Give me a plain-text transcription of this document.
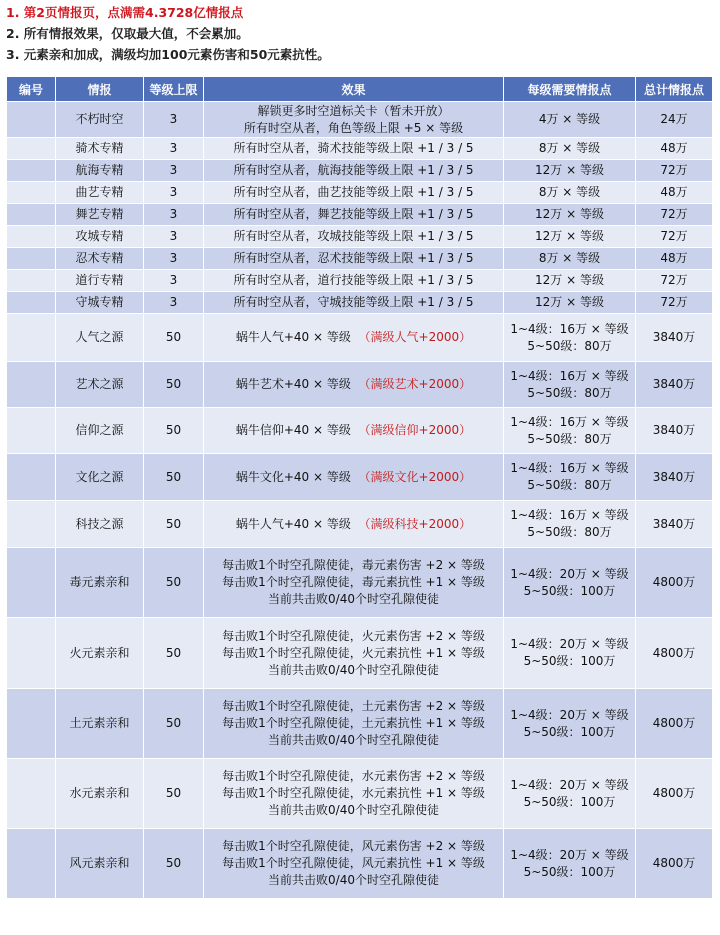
1. 第2页情报页，点满需4.3728亿情报点
2. 所有情报效果，仅取最大值，不会累加。
3. 元素亲和加成，满级均加100元素伤害和50元素抗性。
编号	情报	等级上限	效果	每级需要情报点	总计情报点
	不朽时空	3	解锁更多时空道标关卡（暂未开放）
所有时空从者，角色等级上限 +5 × 等级	4万 × 等级	24万
	骑术专精	3	所有时空从者，骑术技能等级上限 +1 / 3 / 5	8万 × 等级	48万
	航海专精	3	所有时空从者，航海技能等级上限 +1 / 3 / 5	12万 × 等级	72万
	曲艺专精	3	所有时空从者，曲艺技能等级上限 +1 / 3 / 5	8万 × 等级	48万
	舞艺专精	3	所有时空从者，舞艺技能等级上限 +1 / 3 / 5	12万 × 等级	72万
	攻城专精	3	所有时空从者，攻城技能等级上限 +1 / 3 / 5	12万 × 等级	72万
	忍术专精	3	所有时空从者，忍术技能等级上限 +1 / 3 / 5	8万 × 等级	48万
	道行专精	3	所有时空从者，道行技能等级上限 +1 / 3 / 5	12万 × 等级	72万
	守城专精	3	所有时空从者，守城技能等级上限 +1 / 3 / 5	12万 × 等级	72万
	人气之源	50	蜗牛人气+40 × 等级 （满级人气+2000）	1~4级：16万 × 等级
5~50级：80万	3840万
	艺术之源	50	蜗牛艺术+40 × 等级 （满级艺术+2000）	1~4级：16万 × 等级
5~50级：80万	3840万
	信仰之源	50	蜗牛信仰+40 × 等级 （满级信仰+2000）	1~4级：16万 × 等级
5~50级：80万	3840万
	文化之源	50	蜗牛文化+40 × 等级 （满级文化+2000）	1~4级：16万 × 等级
5~50级：80万	3840万
	科技之源	50	蜗牛人气+40 × 等级 （满级科技+2000）	1~4级：16万 × 等级
5~50级：80万	3840万
	毒元素亲和	50	每击败1个时空孔隙使徒，毒元素伤害 +2 × 等级
每击败1个时空孔隙使徒，毒元素抗性 +1 × 等级
当前共击败0/40个时空孔隙使徒	1~4级：20万 × 等级
5~50级：100万	4800万
	火元素亲和	50	每击败1个时空孔隙使徒，火元素伤害 +2 × 等级
每击败1个时空孔隙使徒，火元素抗性 +1 × 等级
当前共击败0/40个时空孔隙使徒	1~4级：20万 × 等级
5~50级：100万	4800万
	土元素亲和	50	每击败1个时空孔隙使徒，土元素伤害 +2 × 等级
每击败1个时空孔隙使徒，土元素抗性 +1 × 等级
当前共击败0/40个时空孔隙使徒	1~4级：20万 × 等级
5~50级：100万	4800万
	水元素亲和	50	每击败1个时空孔隙使徒，水元素伤害 +2 × 等级
每击败1个时空孔隙使徒，水元素抗性 +1 × 等级
当前共击败0/40个时空孔隙使徒	1~4级：20万 × 等级
5~50级：100万	4800万
	风元素亲和	50	每击败1个时空孔隙使徒，风元素伤害 +2 × 等级
每击败1个时空孔隙使徒，风元素抗性 +1 × 等级
当前共击败0/40个时空孔隙使徒	1~4级：20万 × 等级
5~50级：100万	4800万
